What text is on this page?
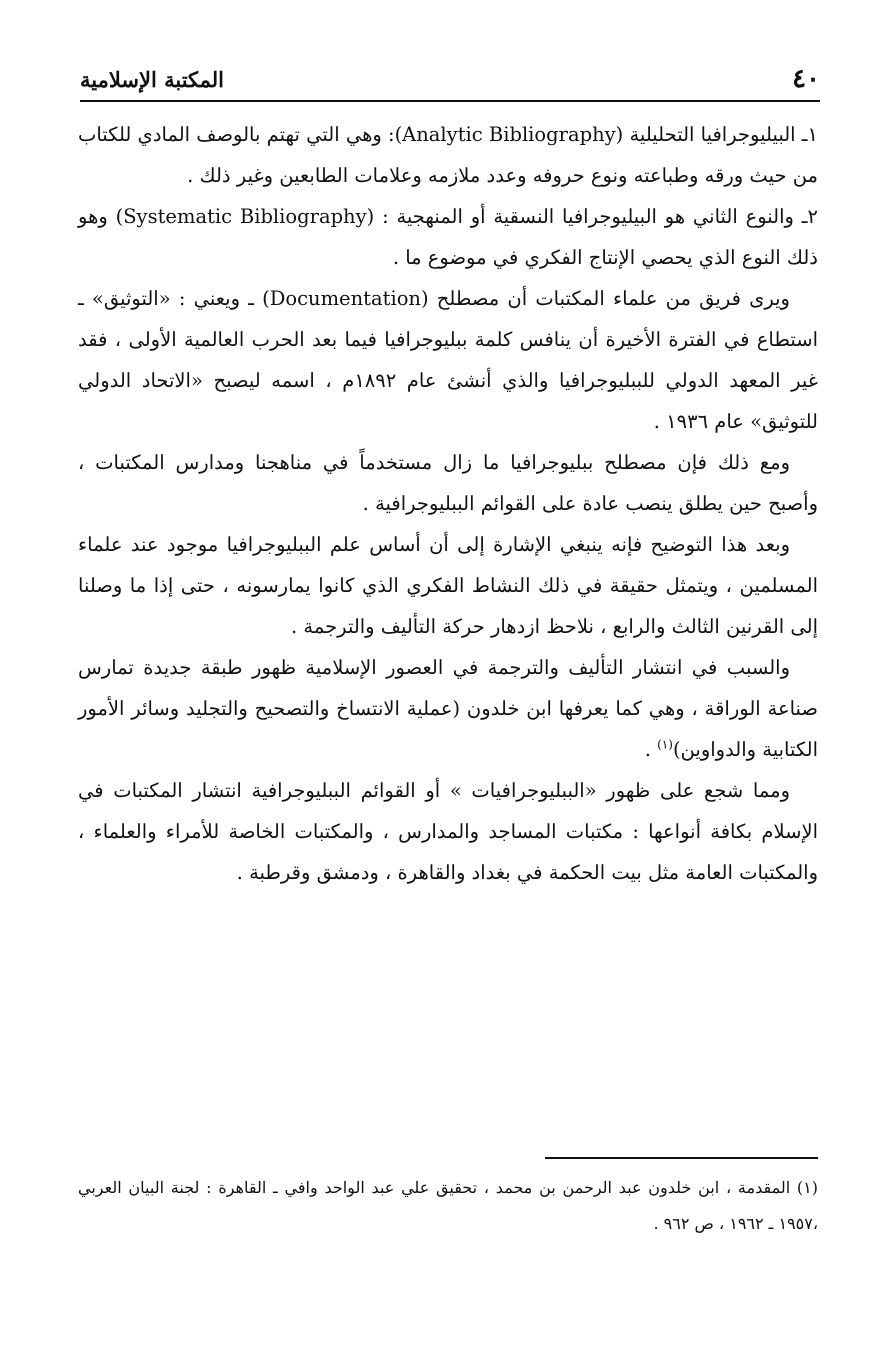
٤٠
المكتبة الإسلامية

١ـ البيليوجرافيا التحليلية (Analytic Bibliography): وهي التي تهتم بالوصف المادي للكتاب من حيث ورقه وطباعته ونوع حروفه وعدد ملازمه وعلامات الطابعين وغير ذلك .

٢ـ والنوع الثاني هو البيليوجرافيا النسقية أو المنهجية : (Systematic Bibliography) وهو ذلك النوع الذي يحصي الإنتاج الفكري في موضوع ما .

ويرى فريق من علماء المكتبات أن مصطلح (Documentation) ـ ويعني : «التوثيق» ـ استطاع في الفترة الأخيرة أن ينافس كلمة ببليوجرافيا فيما بعد الحرب العالمية الأولى ، فقد غير المعهد الدولي للببليوجرافيا والذي أنشئ عام ١٨٩٢م ، اسمه ليصبح «الاتحاد الدولي للتوثيق» عام ١٩٣٦ .

ومع ذلك فإن مصطلح ببليوجرافيا ما زال مستخدماً في مناهجنا ومدارس المكتبات ، وأصبح حين يطلق ينصب عادة على القوائم الببليوجرافية .

وبعد هذا التوضيح فإنه ينبغي الإشارة إلى أن أساس علم الببليوجرافيا موجود عند علماء المسلمين ، ويتمثل حقيقة في ذلك النشاط الفكري الذي كانوا يمارسونه ، حتى إذا ما وصلنا إلى القرنين الثالث والرابع ، نلاحظ ازدهار حركة التأليف والترجمة .

والسبب في انتشار التأليف والترجمة في العصور الإسلامية ظهور طبقة جديدة تمارس صناعة الوراقة ، وهي كما يعرفها ابن خلدون (عملية الانتساخ والتصحيح والتجليد وسائر الأمور الكتابية والدواوين)$^{(١)}$ .

ومما شجع على ظهور «الببليوجرافيات » أو القوائم الببليوجرافية انتشار المكتبات في الإسلام بكافة أنواعها : مكتبات المساجد والمدارس ، والمكتبات الخاصة للأمراء والعلماء ، والمكتبات العامة مثل بيت الحكمة في بغداد والقاهرة ، ودمشق وقرطبة .

(١) المقدمة ، ابن خلدون عبد الرحمن بن محمد ، تحقيق علي عبد الواحد وافي ـ القاهرة : لجنة البيان العربي ،١٩٥٧ ـ ١٩٦٢ ، ص ٩٦٢ .
